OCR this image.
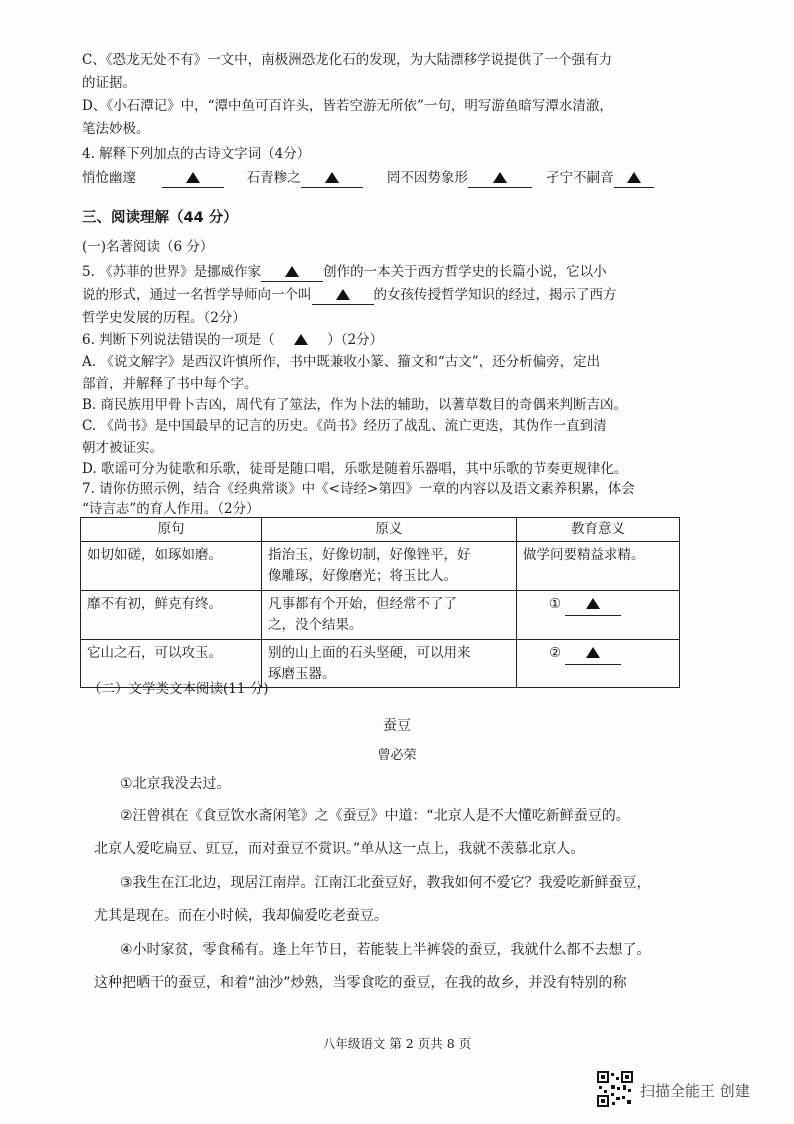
C、《恐龙无处不有》一文中，南极洲恐龙化石的发现，为大陆漂移学说提供了一个强有力
的证据。
D、《小石潭记》中，“潭中鱼可百许头，皆若空游无所依”一句，明写游鱼暗写潭水清澈，
笔法妙极。
4. 解释下列加点的古诗文字词（4分）
悄怆幽邃	石青糁之	罔不因势象形	孑宁不嗣音
三、阅读理解（44 分）
(一)名著阅读（6 分）
5. 《苏菲的世界》是挪威作家	创作的一本关于西方哲学史的长篇小说，它以小
说的形式，通过一名哲学导师向一个叫	的女孩传授哲学知识的经过，揭示了西方
哲学史发展的历程。（2分）
6. 判断下列说法错误的一项是（	）（2分）
A. 《说文解字》是西汉许慎所作，书中既兼收小篆、籀文和“古文”，还分析偏旁，定出
部首，并解释了书中每个字。
B. 商民族用甲骨卜吉凶，周代有了筮法，作为卜法的辅助，以蓍草数目的奇偶来判断吉凶。
C. 《尚书》是中国最早的记言的历史。《尚书》经历了战乱、流亡更迭，其伪作一直到清
朝才被证实。
D. 歌谣可分为徒歌和乐歌，徒哥是随口唱，乐歌是随着乐器唱，其中乐歌的节奏更规律化。
7. 请你仿照示例，结合《经典常谈》中《<诗经>第四》一章的内容以及语文素养积累，体会
“诗言志”的育人作用。（2分）
原句	原义	教育意义
如切如磋，如琢如磨。	指治玉，好像切制，好像锉平，好
像雕琢，好像磨光；将玉比人。	做学问要精益求精。
靡不有初，鲜克有终。	凡事都有个开始，但经常不了了
之，没个结果。	①
它山之石，可以攻玉。	别的山上面的石头坚硬，可以用来
琢磨玉器。	②
（二）文学类文本阅读(11 分)
蚕豆
曾必荣
①北京我没去过。
②汪曾祺在《食豆饮水斋闲笔》之《蚕豆》中道：“北京人是不大懂吃新鲜蚕豆的。
北京人爱吃扁豆、豇豆，而对蚕豆不赏识。”单从这一点上，我就不羡慕北京人。
③我生在江北边，现居江南岸。江南江北蚕豆好，教我如何不爱它？我爱吃新鲜蚕豆，
尤其是现在。而在小时候，我却偏爱吃老蚕豆。
④小时家贫，零食稀有。逢上年节日，若能装上半裤袋的蚕豆，我就什么都不去想了。
这种把晒干的蚕豆，和着“油沙”炒熟，当零食吃的蚕豆，在我的故乡，并没有特别的称
八年级语文 第 2 页共 8 页
扫描全能王 创建
